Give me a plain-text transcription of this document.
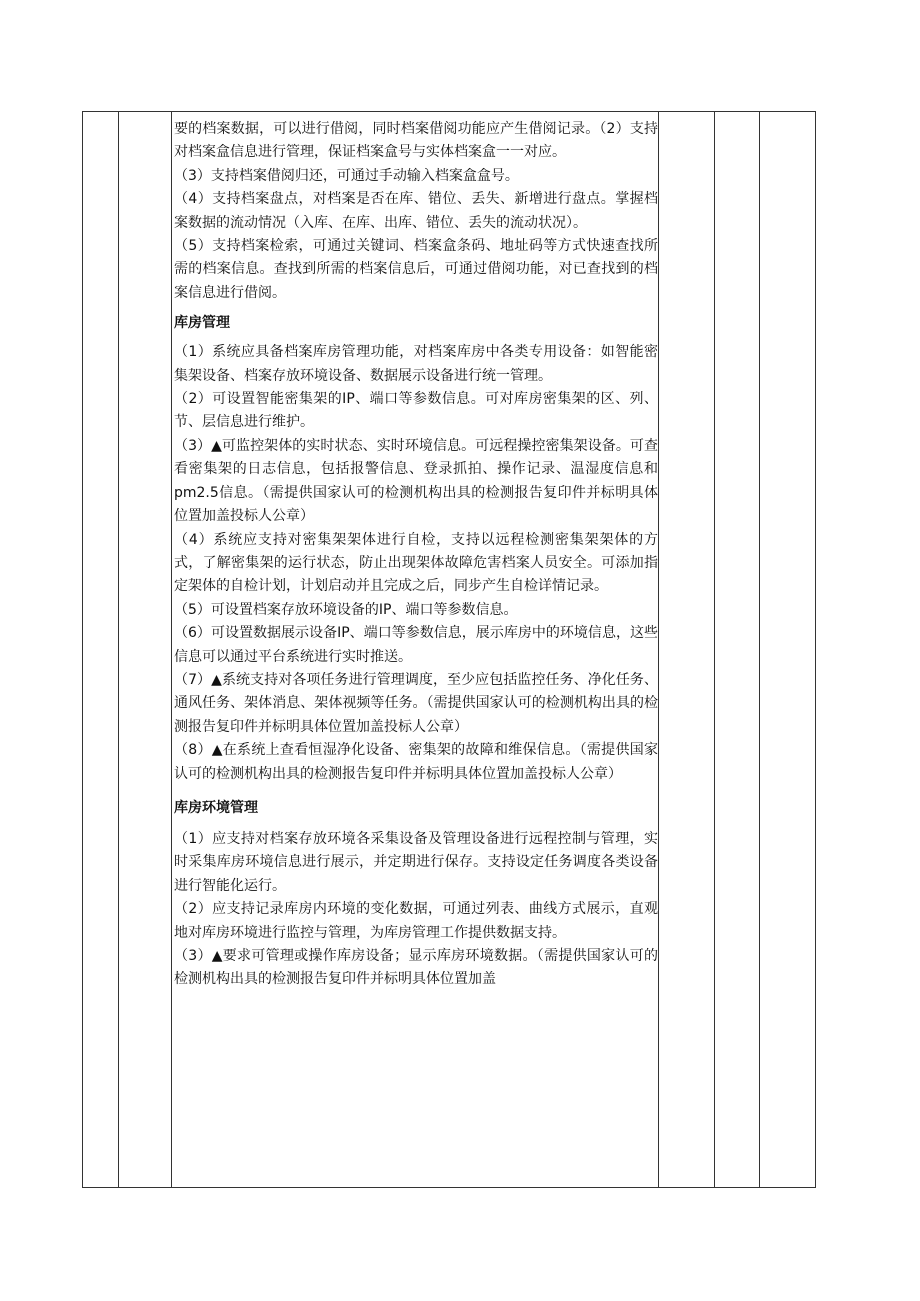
要的档案数据，可以进行借阅，同时档案借阅功能应产生借阅记录。（2）支持对档案盒信息进行管理，保证档案盒号与实体档案盒一一对应。

（3）支持档案借阅归还，可通过手动输入档案盒盒号。

（4）支持档案盘点，对档案是否在库、错位、丢失、新增进行盘点。掌握档案数据的流动情况（入库、在库、出库、错位、丢失的流动状况）。

（5）支持档案检索，可通过关键词、档案盒条码、地址码等方式快速查找所需的档案信息。查找到所需的档案信息后，可通过借阅功能，对已查找到的档案信息进行借阅。

库房管理

（1）系统应具备档案库房管理功能，对档案库房中各类专用设备：如智能密集架设备、档案存放环境设备、数据展示设备进行统一管理。

（2）可设置智能密集架的IP、端口等参数信息。可对库房密集架的区、列、节、层信息进行维护。

（3）▲可监控架体的实时状态、实时环境信息。可远程操控密集架设备。可查看密集架的日志信息，包括报警信息、登录抓拍、操作记录、温湿度信息和pm2.5信息。（需提供国家认可的检测机构出具的检测报告复印件并标明具体位置加盖投标人公章）

（4）系统应支持对密集架架体进行自检，支持以远程检测密集架架体的方式，了解密集架的运行状态，防止出现架体故障危害档案人员安全。可添加指定架体的自检计划，计划启动并且完成之后，同步产生自检详情记录。

（5）可设置档案存放环境设备的IP、端口等参数信息。

（6）可设置数据展示设备IP、端口等参数信息，展示库房中的环境信息，这些信息可以通过平台系统进行实时推送。

（7）▲系统支持对各项任务进行管理调度，至少应包括监控任务、净化任务、通风任务、架体消息、架体视频等任务。（需提供国家认可的检测机构出具的检测报告复印件并标明具体位置加盖投标人公章）

（8）▲在系统上查看恒湿净化设备、密集架的故障和维保信息。（需提供国家认可的检测机构出具的检测报告复印件并标明具体位置加盖投标人公章）

库房环境管理

（1）应支持对档案存放环境各采集设备及管理设备进行远程控制与管理，实时采集库房环境信息进行展示，并定期进行保存。支持设定任务调度各类设备进行智能化运行。

（2）应支持记录库房内环境的变化数据，可通过列表、曲线方式展示，直观地对库房环境进行监控与管理，为库房管理工作提供数据支持。

（3）▲要求可管理或操作库房设备；显示库房环境数据。（需提供国家认可的检测机构出具的检测报告复印件并标明具体位置加盖
